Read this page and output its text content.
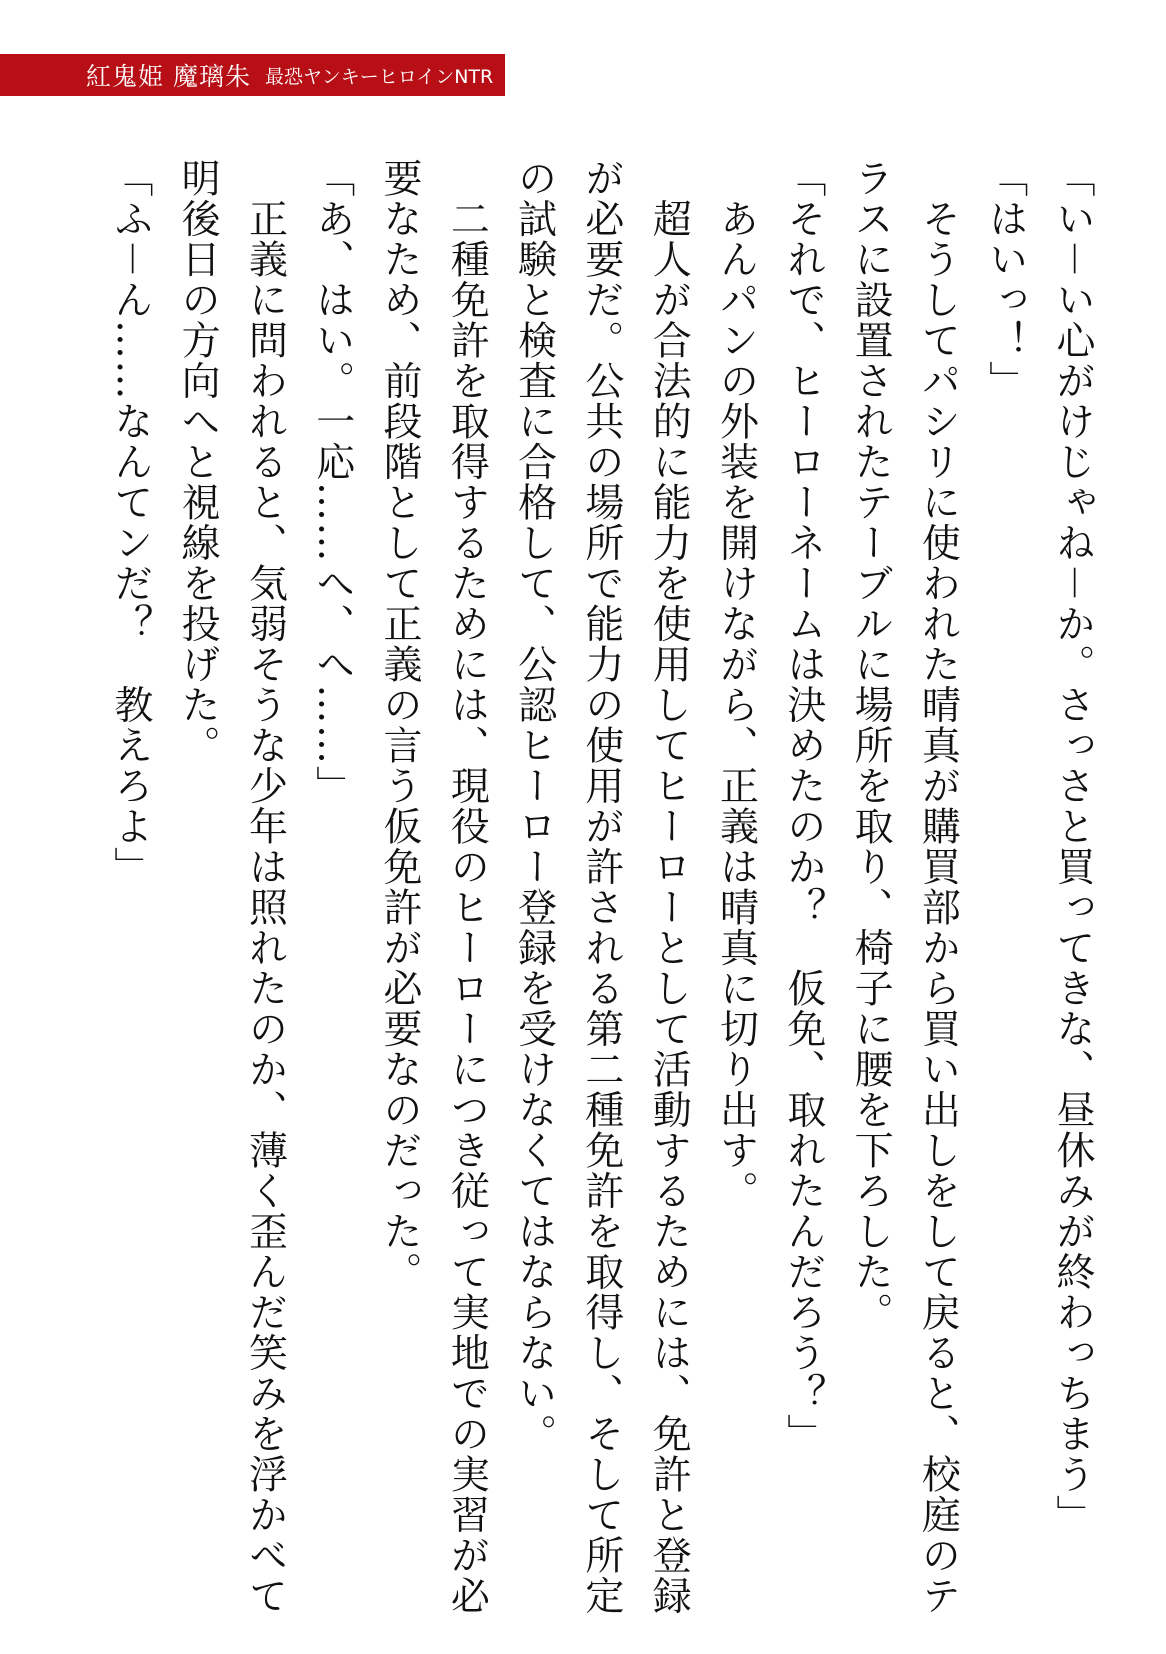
紅鬼姫 魔璃朱 最恐ヤンキーヒロインNTR
「い－い心がけじゃね－か。さっさと買ってきな、昼休みが終わっちまう」
「はいっ！」
　そうしてパシリに使われた晴真が購買部から買い出しをして戻ると、校庭のテ
ラスに設置されたテーブルに場所を取り、椅子に腰を下ろした。
「それで、ヒーローネームは決めたのか？　仮免、取れたんだろう？」
　あんパンの外装を開けながら、正義は晴真に切り出す。
　超人が合法的に能力を使用してヒーローとして活動するためには、免許と登録
が必要だ。公共の場所で能力の使用が許される第二種免許を取得し、そして所定
の試験と検査に合格して、公認ヒーロー登録を受けなくてはならない。
　二種免許を取得するためには、現役のヒーローにつき従って実地での実習が必
要なため、前段階として正義の言う仮免許が必要なのだった。
「あ、はい。一応……へ、へ……」
　正義に問われると、気弱そうな少年は照れたのか、薄く歪んだ笑みを浮かべて
明後日の方向へと視線を投げた。
「ふ－ん……なんてンだ？　教えろよ」
